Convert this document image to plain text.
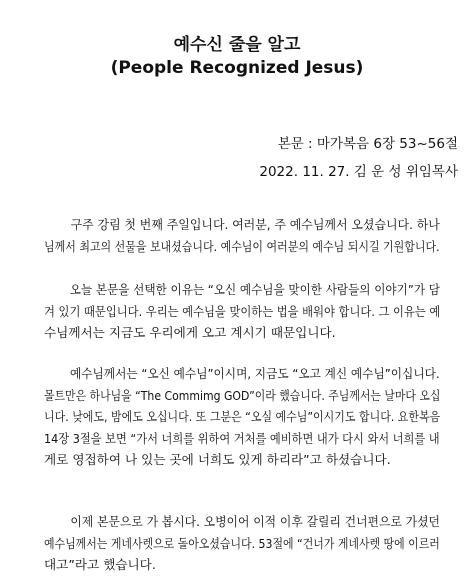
예수신 줄을 알고
(People Recognized Jesus)
본문 : 마가복음 6장 53~56절
2022. 11. 27. 김 운 성 위임목사
구주 강림 첫 번째 주일입니다. 여러분, 주 예수님께서 오셨습니다. 하나
님께서 최고의 선물을 보내셨습니다. 예수님이 여러분의 예수님 되시길 기원합니다.
오늘 본문을 선택한 이유는 “오신 예수님을 맞이한 사람들의 이야기”가 담
겨 있기 때문입니다. 우리는 예수님을 맞이하는 법을 배워야 합니다. 그 이유는 예
수님께서는 지금도 우리에게 오고 계시기 때문입니다.
예수님께서는 “오신 예수님”이시며, 지금도 “오고 계신 예수님”이십니다.
몰트만은 하나님을 “The Commimg GOD”이라 했습니다. 주님께서는 날마다 오십
니다. 낮에도, 밤에도 오십니다. 또 그분은 “오실 예수님”이시기도 합니다. 요한복음
14장 3절을 보면 “가서 너희를 위하여 거처를 예비하면 내가 다시 와서 너희를 내
게로 영접하여 나 있는 곳에 너희도 있게 하리라”고 하셨습니다.
이제 본문으로 가 봅시다. 오병이어 이적 이후 갈릴리 건너편으로 가셨던
예수님께서는 게네사렛으로 돌아오셨습니다. 53절에 “건너가 게네사렛 땅에 이르러
대고”라고 했습니다.
